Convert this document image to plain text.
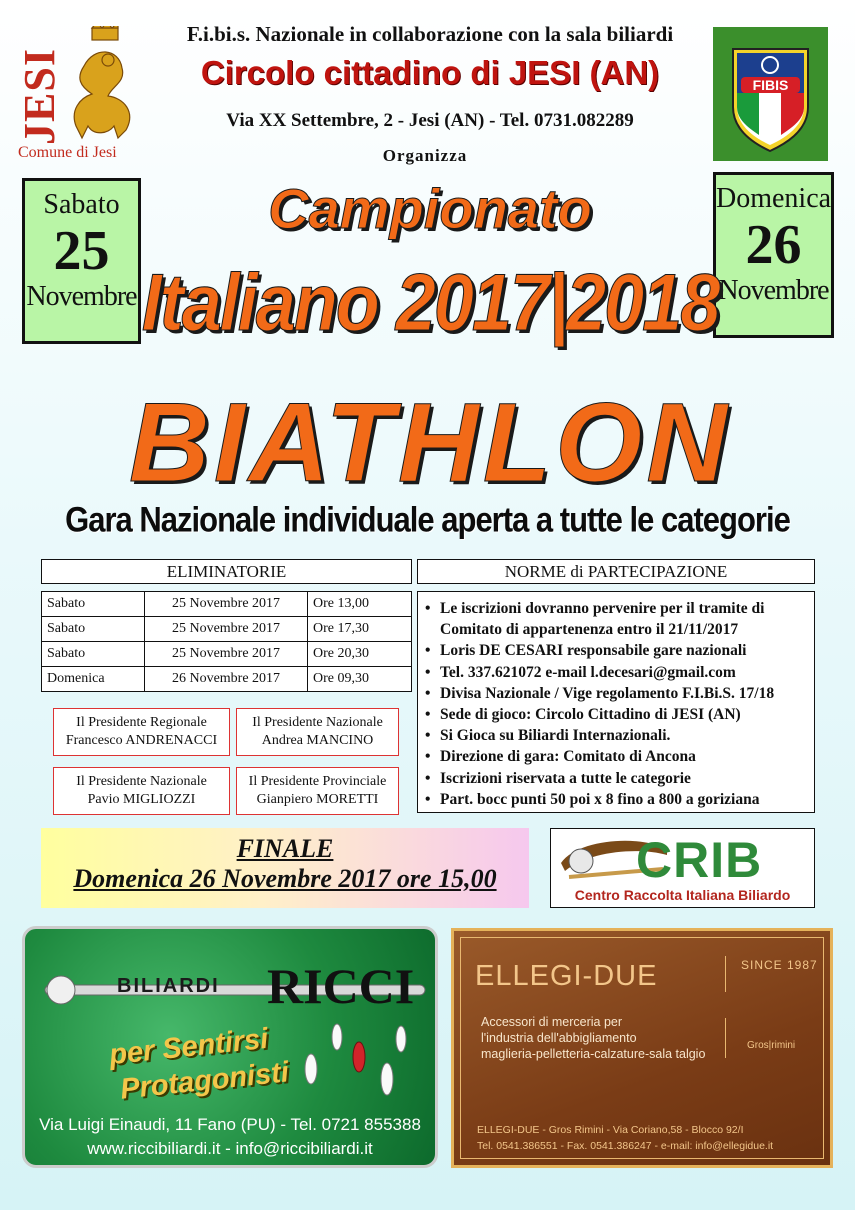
JESI
Comune di Jesi
F.i.bi.s. Nazionale in collaborazione con la sala biliardi
Circolo cittadino di JESI (AN)
Via XX Settembre, 2 - Jesi (AN) - Tel. 0731.082289
Organizza
FIBIS
Sabato
25
Novembre
Domenica
26
Novembre
Campionato
Italiano 2017|2018
BIATHLON
Gara Nazionale individuale aperta a tutte le categorie
ELIMINATORIE
Sabato	25 Novembre 2017	Ore 13,00
Sabato	25 Novembre 2017	Ore 17,30
Sabato	25 Novembre 2017	Ore 20,30
Domenica	26 Novembre 2017	Ore 09,30
Il Presidente Regionale
Francesco ANDRENACCI
Il Presidente Nazionale
Andrea MANCINO
Il Presidente Nazionale
Pavio MIGLIOZZI
Il Presidente Provinciale
Gianpiero MORETTI
NORME di PARTECIPAZIONE
• Le iscrizioni dovranno pervenire per il tramite di
Comitato di appartenenza entro il 21/11/2017
• Loris DE CESARI responsabile gare nazionali
• Tel. 337.621072 e-mail l.decesari@gmail.com
• Divisa Nazionale / Vige regolamento F.I.Bi.S. 17/18
• Sede di gioco: Circolo Cittadino di JESI (AN)
• Si Gioca su Biliardi Internazionali.
• Direzione di gara: Comitato di Ancona
• Iscrizioni riservata a tutte le categorie
• Part. bocc punti 50 poi x 8 fino a 800 a goriziana
FINALE
Domenica 26 Novembre 2017 ore 15,00	CRIB
Centro Raccolta Italiana Biliardo
BILIARDI RICCI
per Sentirsi
Protagonisti
Via Luigi Einaudi, 11 Fano (PU) - Tel. 0721 855388
www.riccibiliardi.it - info@riccibiliardi.it
ELLEGI-DUE	SINCE 1987
Accessori di merceria per
l'industria dell'abbigliamento
maglieria-pelletteria-calzature-sala talgio
Gros|rimini
ELLEGI-DUE - Gros Rimini - Via Coriano,58 - Blocco 92/I
Tel. 0541.386551 - Fax. 0541.386247 - e-mail: info@ellegidue.it
